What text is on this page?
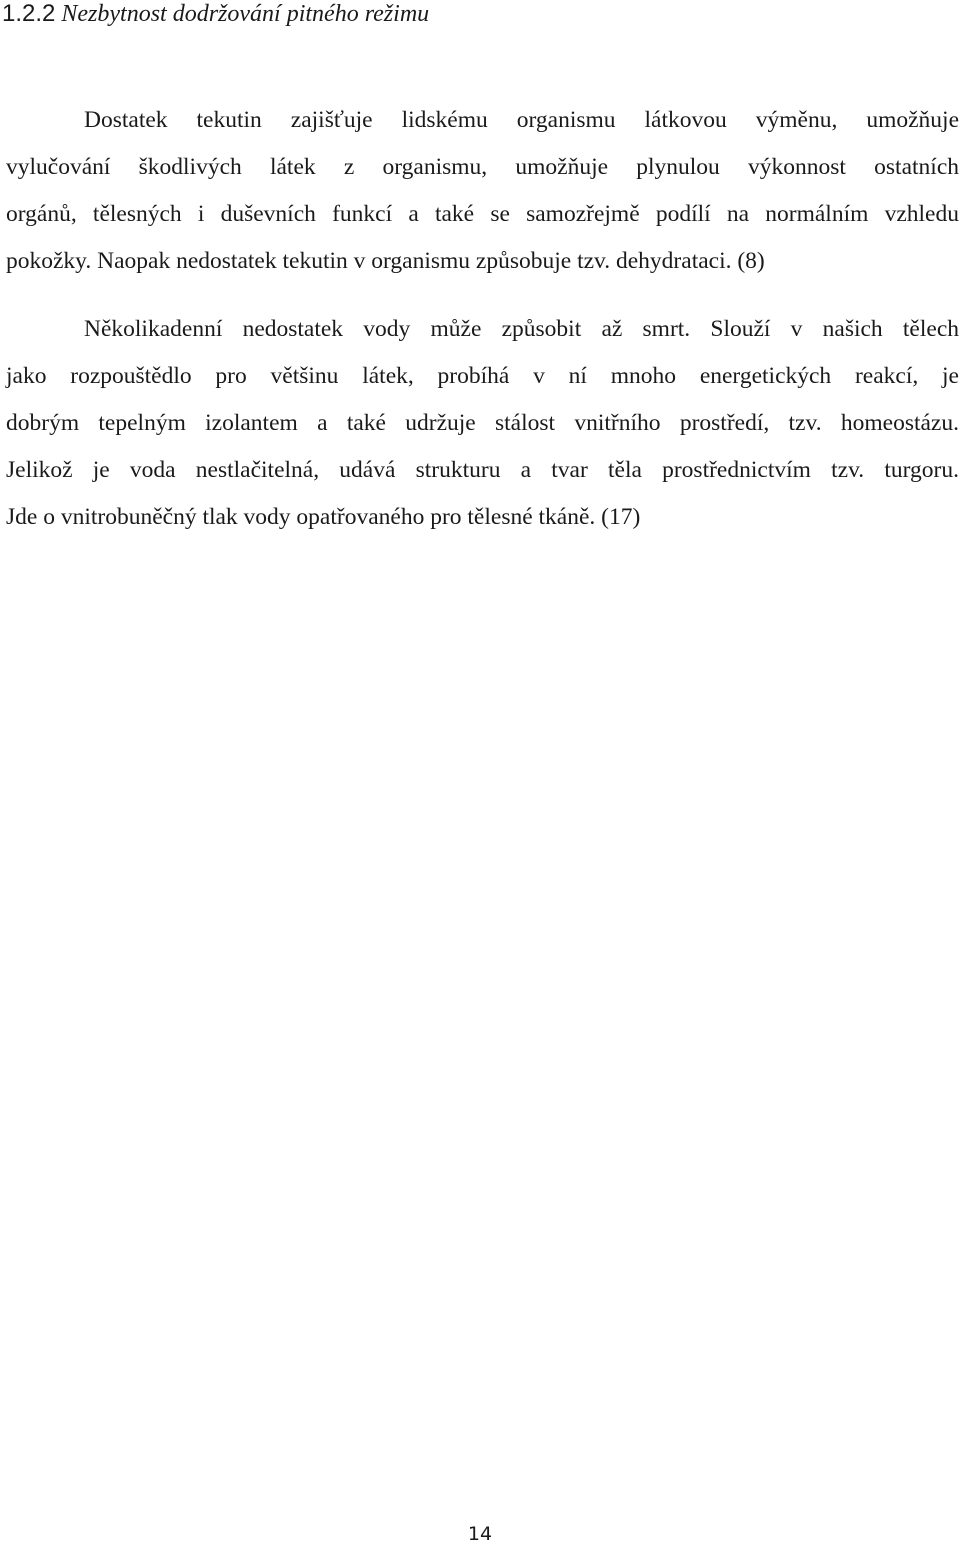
1.2.2 Nezbytnost dodržování pitného režimu
Dostatek tekutin zajišťuje lidskému organismu látkovou výměnu, umožňuje
vylučování škodlivých látek z organismu, umožňuje plynulou výkonnost ostatních
orgánů, tělesných i duševních funkcí a také se samozřejmě podílí na normálním vzhledu
pokožky. Naopak nedostatek tekutin v organismu způsobuje tzv. dehydrataci. (8)
Několikadenní nedostatek vody může způsobit až smrt. Slouží v našich tělech
jako rozpouštědlo pro většinu látek, probíhá v ní mnoho energetických reakcí, je
dobrým tepelným izolantem a také udržuje stálost vnitřního prostředí, tzv. homeostázu.
Jelikož je voda nestlačitelná, udává strukturu a tvar těla prostřednictvím tzv. turgoru.
Jde o vnitrobuněčný tlak vody opatřovaného pro tělesné tkáně. (17)
14
